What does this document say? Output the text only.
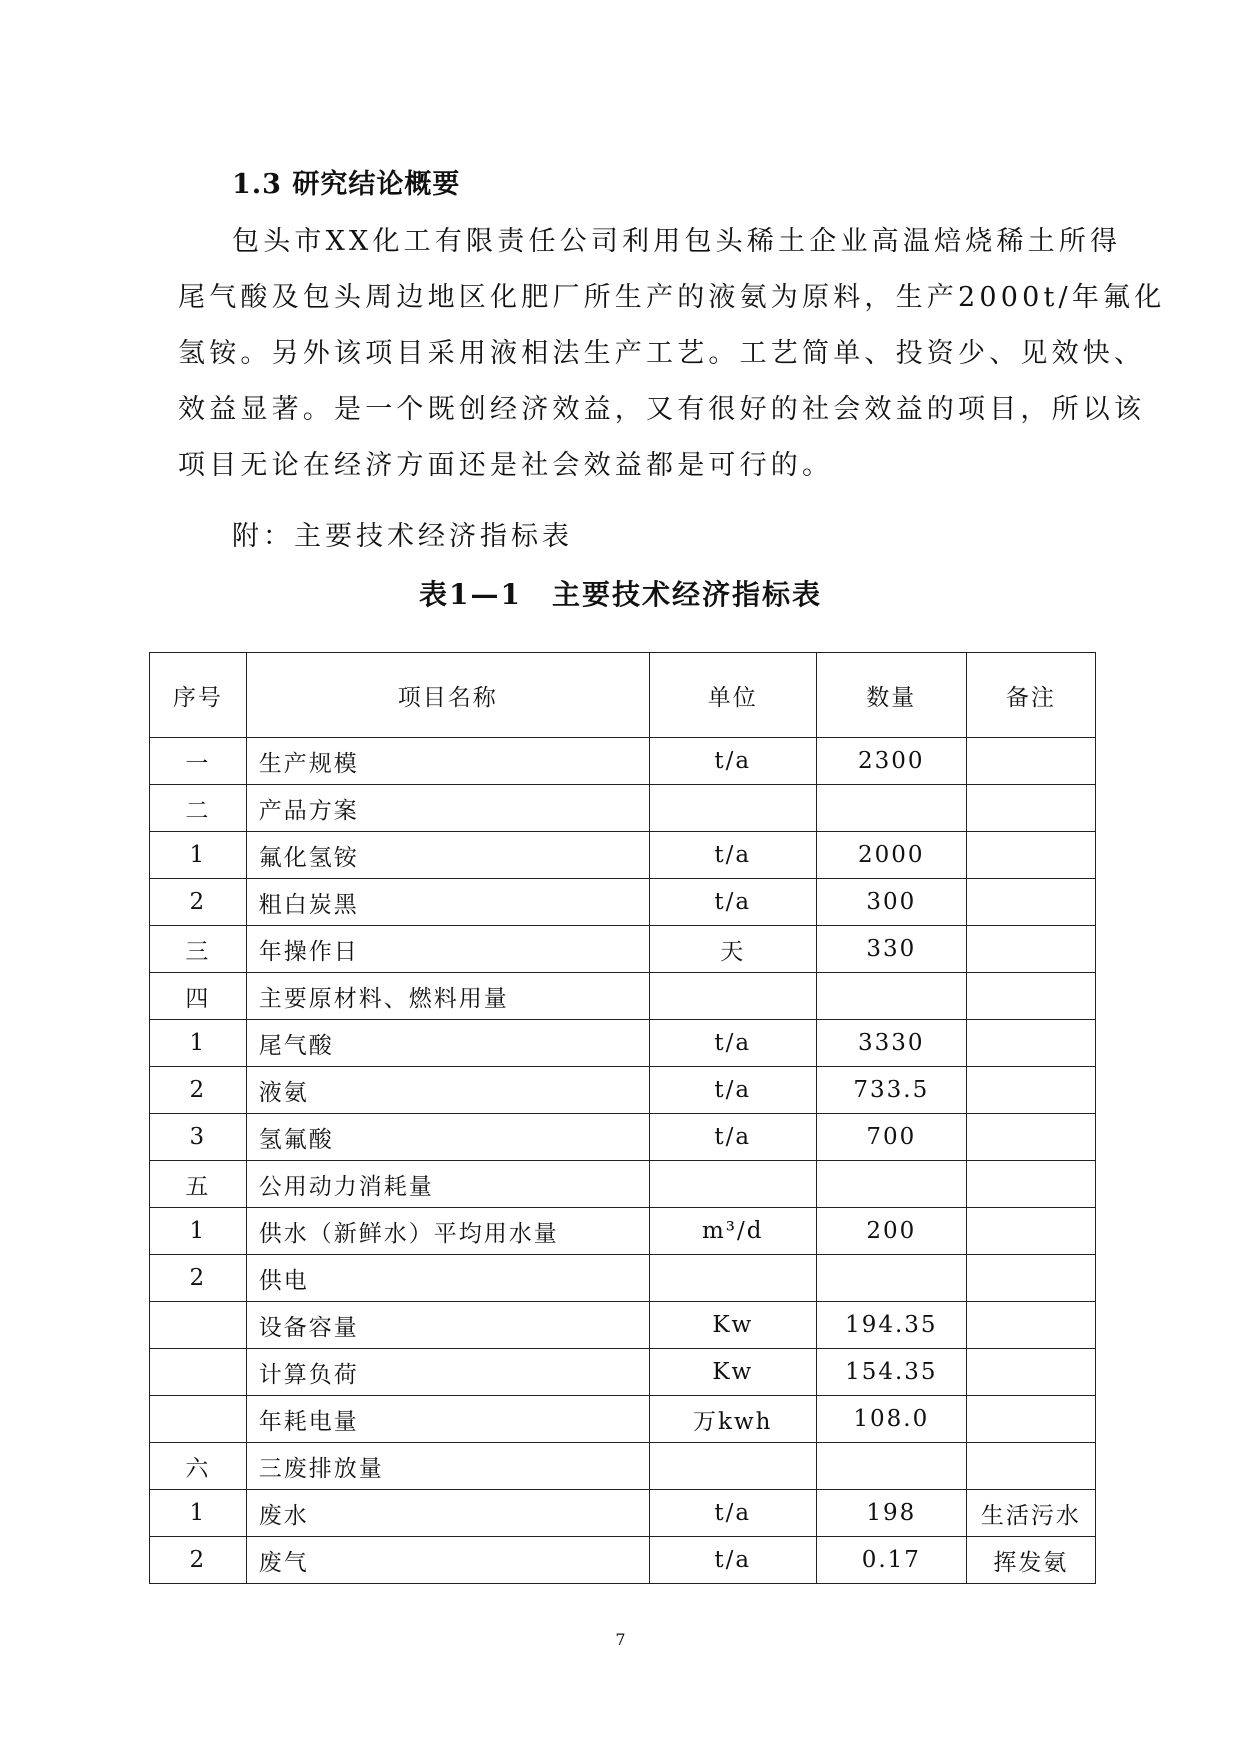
1.3 研究结论概要
包头市XX化工有限责任公司利用包头稀土企业高温焙烧稀土所得
尾气酸及包头周边地区化肥厂所生产的液氨为原料，生产2000t/年氟化
氢铵。另外该项目采用液相法生产工艺。工艺简单、投资少、见效快、
效益显著。是一个既创经济效益，又有很好的社会效益的项目，所以该
项目无论在经济方面还是社会效益都是可行的。
附：主要技术经济指标表
表1—1　主要技术经济指标表
序号	项目名称	单位	数量	备注
一	生产规模	t/a	2300	
二	产品方案			
1	氟化氢铵	t/a	2000	
2	粗白炭黑	t/a	300	
三	年操作日	天	330	
四	主要原材料、燃料用量			
1	尾气酸	t/a	3330	
2	液氨	t/a	733.5	
3	氢氟酸	t/a	700	
五	公用动力消耗量			
1	供水（新鲜水）平均用水量	m³/d	200	
2	供电			
	设备容量	Kw	194.35	
	计算负荷	Kw	154.35	
	年耗电量	万kwh	108.0	
六	三废排放量			
1	废水	t/a	198	生活污水
2	废气	t/a	0.17	挥发氨
7
